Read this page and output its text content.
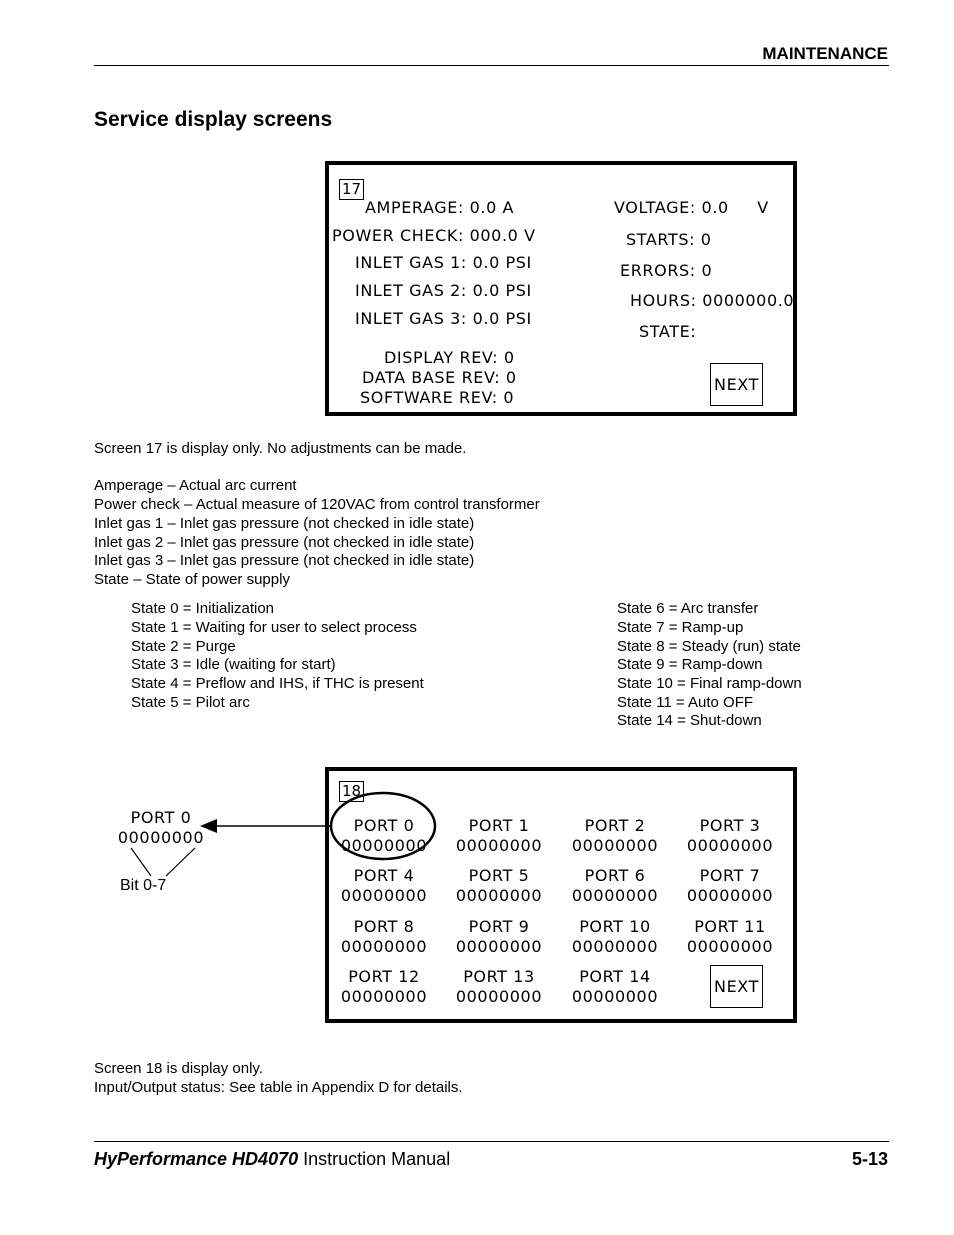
MAINTENANCE
Service display screens
17
AMPERAGE: 0.0 A
POWER CHECK: 000.0 V
INLET GAS 1: 0.0 PSI
INLET GAS 2: 0.0 PSI
INLET GAS 3: 0.0 PSI
VOLTAGE: 0.0     V
STARTS: 0
ERRORS: 0
HOURS: 0000000.0
STATE:
DISPLAY REV: 0
DATA BASE REV: 0
SOFTWARE REV: 0
NEXT
Screen 17 is display only. No adjustments can be made.
Amperage – Actual arc current
Power check – Actual measure of 120VAC from control transformer
Inlet gas 1 – Inlet gas pressure (not checked in idle state)
Inlet gas 2 – Inlet gas pressure (not checked in idle state)
Inlet gas 3 – Inlet gas pressure (not checked in idle state)
State – State of power supply
State 0 = Initialization
State 1 = Waiting for user to select process
State 2 = Purge
State 3 = Idle (waiting for start)
State 4 = Preflow and IHS, if THC is present
State 5 = Pilot arc
State 6 = Arc transfer
State 7 = Ramp-up
State 8 = Steady (run) state
State 9 = Ramp-down
State 10 = Final ramp-down
State 11 = Auto OFF
State 14 = Shut-down
PORT 0
00000000
Bit 0-7
18
PORT 0
00000000
PORT 1
00000000
PORT 2
00000000
PORT 3
00000000
PORT 4
00000000
PORT 5
00000000
PORT 6
00000000
PORT 7
00000000
PORT 8
00000000
PORT 9
00000000
PORT 10
00000000
PORT 11
00000000
PORT 12
00000000
PORT 13
00000000
PORT 14
00000000
NEXT
Screen 18 is display only.
Input/Output status: See table in Appendix D for details.
HyPerformance HD4070 Instruction Manual	5-13
